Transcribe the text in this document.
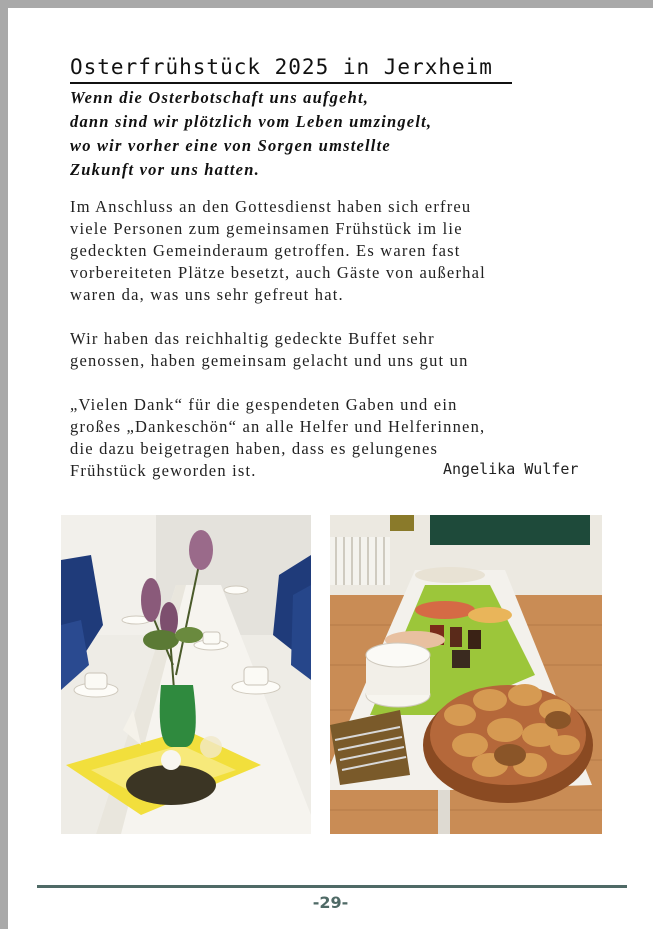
Osterfrühstück 2025 in Jerxheim
Wenn die Osterbotschaft uns aufgeht,
dann sind wir plötzlich vom Leben umzingelt,
wo wir vorher eine von Sorgen umstellte
Zukunft vor uns hatten.

Im Anschluss an den Gottesdienst haben sich erfreu
viele Personen zum gemeinsamen Frühstück im lie
gedeckten Gemeinderaum getroffen. Es waren fast
vorbereiteten Plätze besetzt, auch Gäste von außerhal
waren da, was uns sehr gefreut hat.

Wir haben das reichhaltig gedeckte Buffet sehr
genossen, haben gemeinsam gelacht und uns gut un

„Vielen Dank“ für die gespendeten Gaben und ein
großes „Dankeschön“ an alle Helfer und Helferinnen,
die dazu beigetragen haben, dass es gelungenes
Frühstück geworden ist.	Angelika Wulfer
-29-
